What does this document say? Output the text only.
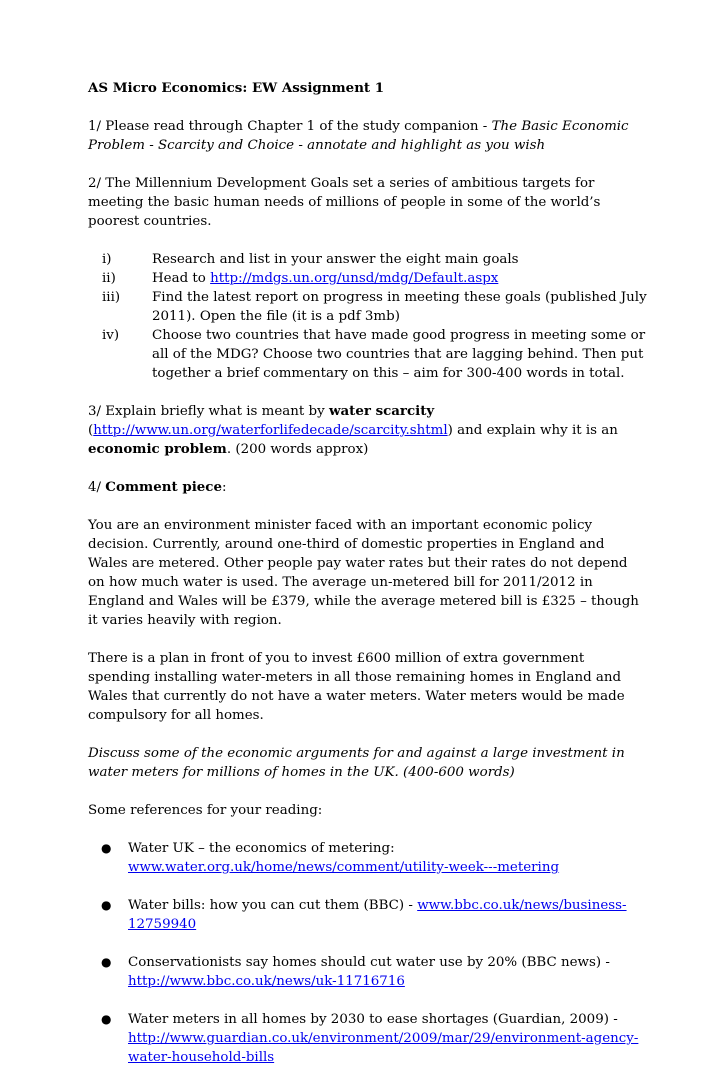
AS Micro Economics: EW Assignment 1

1/ Please read through Chapter 1 of the study companion - The Basic Economic Problem - Scarcity and Choice - annotate and highlight as you wish

2/ The Millennium Development Goals set a series of ambitious targets for meeting the basic human needs of millions of people in some of the world’s poorest countries.

i)	Research and list in your answer the eight main goals
ii)	Head to http://mdgs.un.org/unsd/mdg/Default.aspx
iii)	Find the latest report on progress in meeting these goals (published July 2011). Open the file (it is a pdf 3mb)
iv)	Choose two countries that have made good progress in meeting some or all of the MDG? Choose two countries that are lagging behind. Then put together a brief commentary on this – aim for 300-400 words in total.

3/ Explain briefly what is meant by water scarcity
(http://www.un.org/waterforlifedecade/scarcity.shtml) and explain why it is an economic problem. (200 words approx)

4/ Comment piece:

You are an environment minister faced with an important economic policy decision. Currently, around one-third of domestic properties in England and Wales are metered. Other people pay water rates but their rates do not depend on how much water is used. The average un-metered bill for 2011/2012 in England and Wales will be £379, while the average metered bill is £325 – though it varies heavily with region.

There is a plan in front of you to invest £600 million of extra government spending installing water-meters in all those remaining homes in England and Wales that currently do not have a water meters. Water meters would be made compulsory for all homes.

Discuss some of the economic arguments for and against a large investment in water meters for millions of homes in the UK. (400-600 words)

Some references for your reading:

●	Water UK – the economics of metering: www.water.org.uk/home/news/comment/utility-week---metering
●	Water bills: how you can cut them (BBC) - www.bbc.co.uk/news/business-12759940
●	Conservationists say homes should cut water use by 20% (BBC news) - http://www.bbc.co.uk/news/uk-11716716
●	Water meters in all homes by 2030 to ease shortages (Guardian, 2009) - http://www.guardian.co.uk/environment/2009/mar/29/environment-agency-water-household-bills
